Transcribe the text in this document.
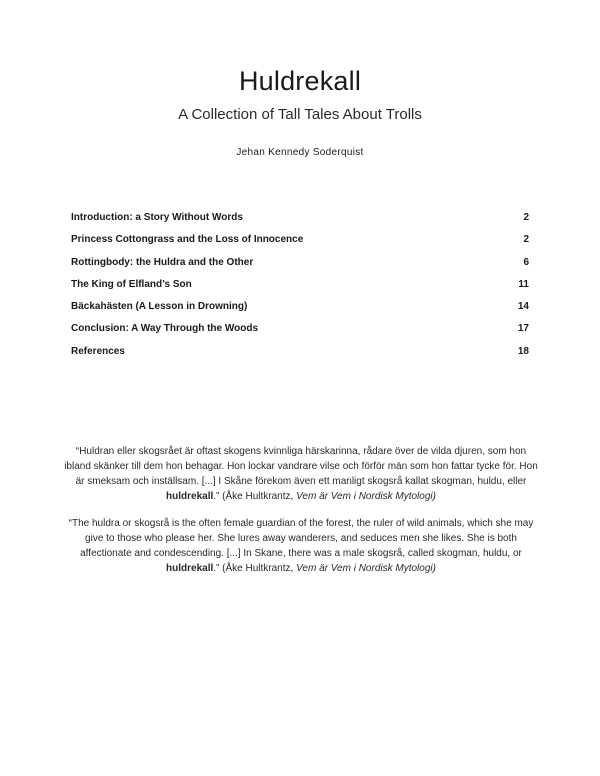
Huldrekall
A Collection of Tall Tales About Trolls
Jehan Kennedy Soderquist
Introduction: a Story Without Words	2
Princess Cottongrass and the Loss of Innocence	2
Rottingbody: the Huldra and the Other	6
The King of Elfland’s Son	11
Bäckahästen (A Lesson in Drowning)	14
Conclusion: A Way Through the Woods	17
References	18
“Huldran eller skogsrået är oftast skogens kvinnliga härskarinna, rådare över de vilda djuren, som hon ibland skänker till dem hon behagar. Hon lockar vandrare vilse och förför män som hon fattar tycke för. Hon är smeksam och inställsam. [...] I Skåne förekom även ett manligt skogsrå kallat skogman, huldu, eller huldrekall.” (Åke Hultkrantz, Vem är Vem i Nordisk Mytologi)
“The huldra or skogsrå is the often female guardian of the forest, the ruler of wild animals, which she may give to those who please her. She lures away wanderers, and seduces men she likes. She is both affectionate and condescending. [...] In Skane, there was a male skogsrå, called skogman, huldu, or huldrekall.” (Åke Hultkrantz, Vem är Vem i Nordisk Mytologi)
